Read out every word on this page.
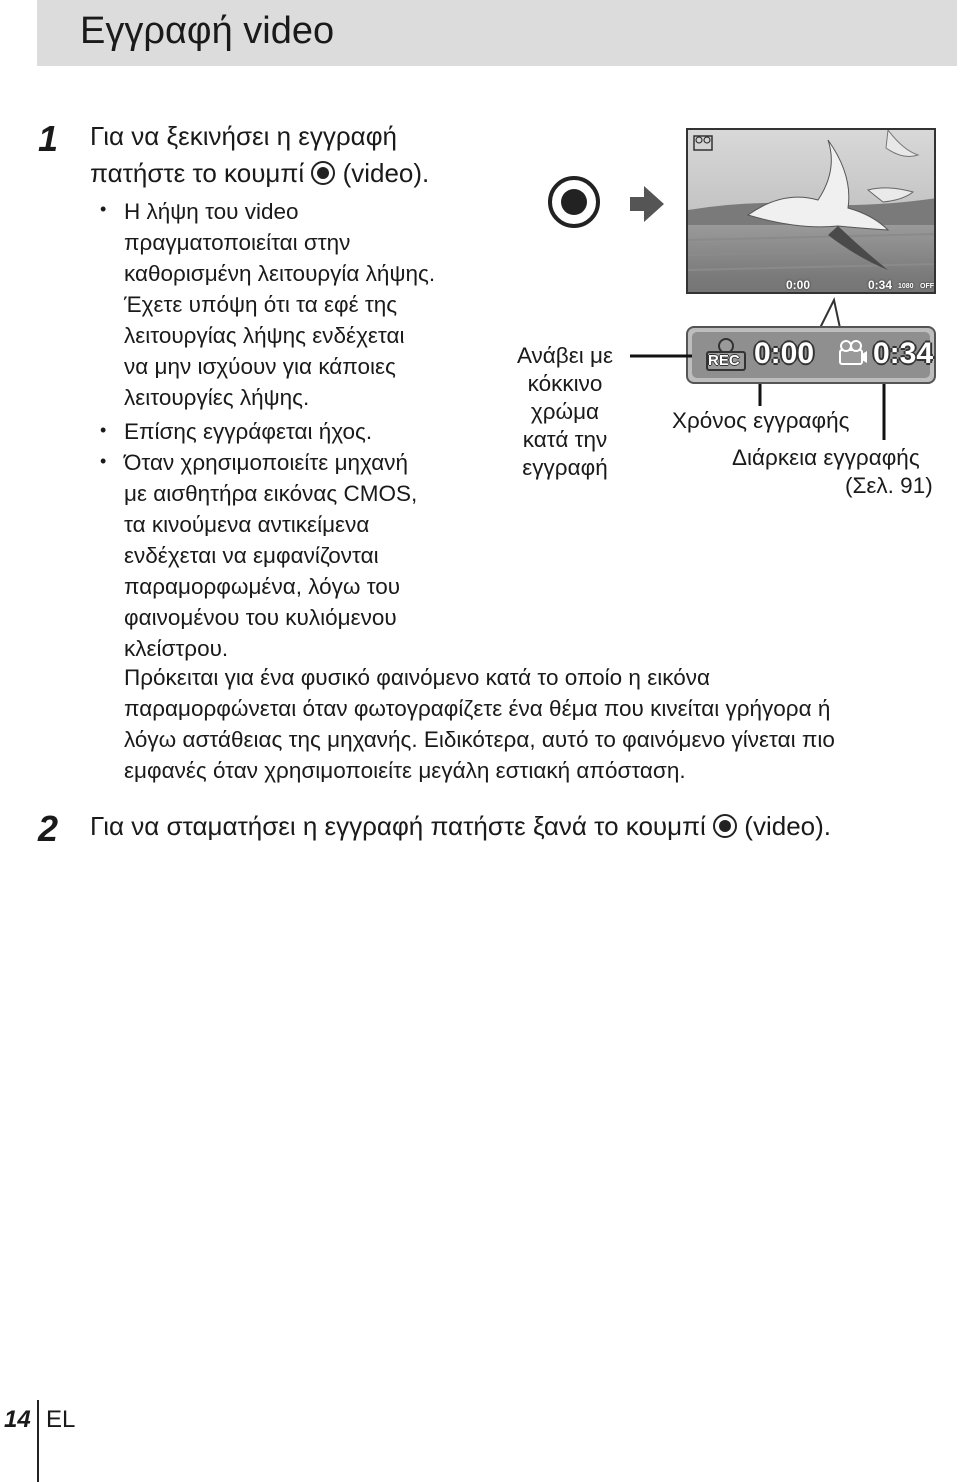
Εγγραφή video
1 Για να ξεκινήσει η εγγραφή
πατήστε το κουμπί (video).
• Η λήψη του video
πραγματοποιείται στην
καθορισμένη λειτουργία λήψης.
Έχετε υπόψη ότι τα εφέ της
λειτουργίας λήψης ενδέχεται
να μην ισχύουν για κάποιες
λειτουργίες λήψης.
• Επίσης εγγράφεται ήχος.
• Όταν χρησιμοποιείτε μηχανή
με αισθητήρα εικόνας CMOS,
τα κινούμενα αντικείμενα
ενδέχεται να εμφανίζονται
παραμορφωμένα, λόγω του
φαινομένου του κυλιόμενου
κλείστρου.
Πρόκειται για ένα φυσικό φαινόμενο κατά το οποίο η εικόνα
παραμορφώνεται όταν φωτογραφίζετε ένα θέμα που κινείται γρήγορα ή
λόγω αστάθειας της μηχανής. Ειδικότερα, αυτό το φαινόμενο γίνεται πιο
εμφανές όταν χρησιμοποιείτε μεγάλη εστιακή απόσταση.
0:00	0:34 1080 OFF
REC 0:00 0:34
Ανάβει με
κόκκινο
χρώμα
κατά την
εγγραφή
Χρόνος εγγραφής
Διάρκεια εγγραφής
(Σελ. 91)
2 Για να σταματήσει η εγγραφή πατήστε ξανά το κουμπί (video).
14 EL
